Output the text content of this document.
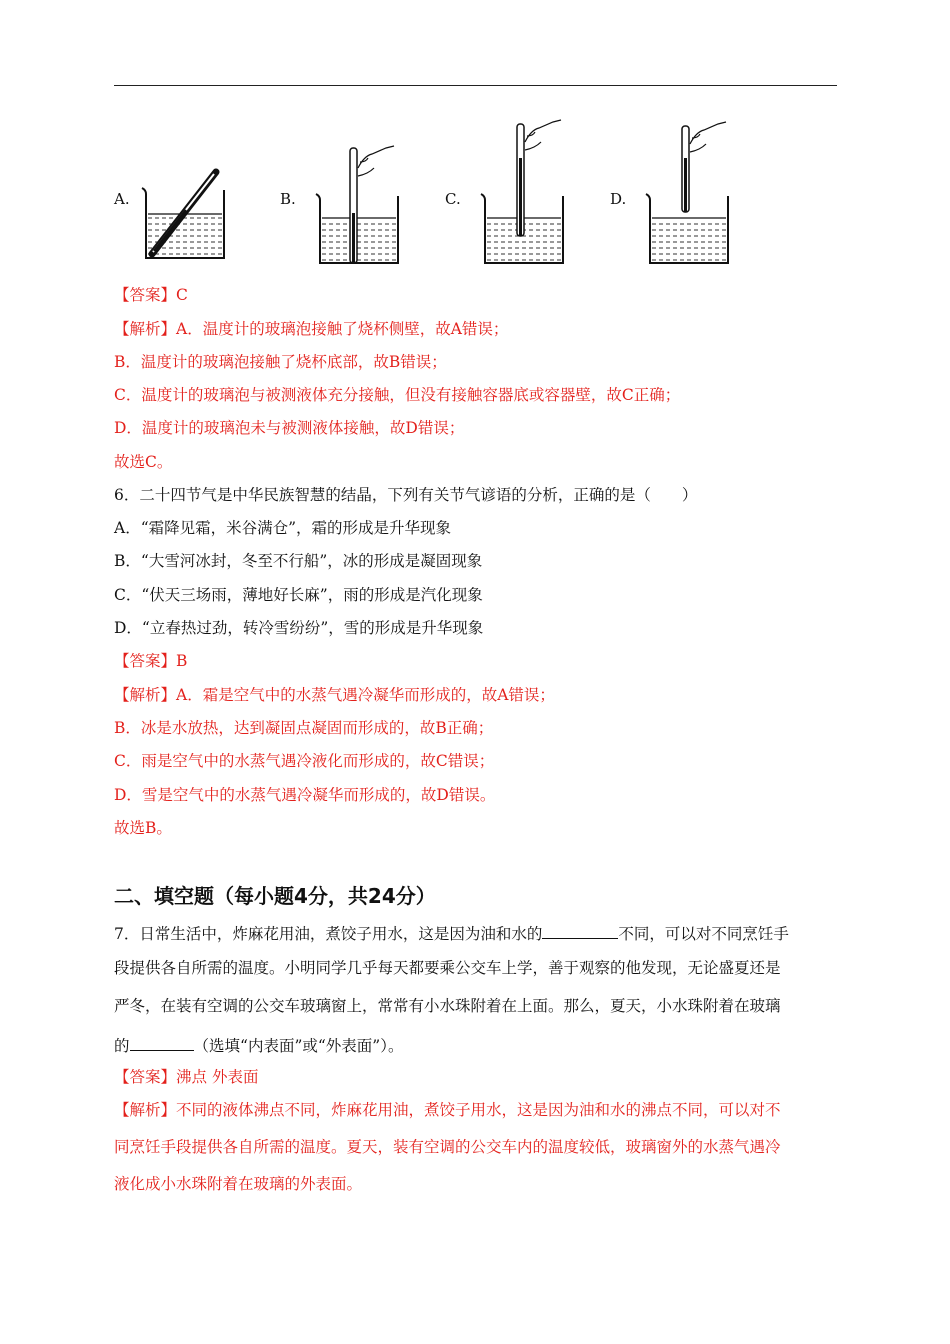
A.	B.	C.	D.
【答案】C
【解析】A．温度计的玻璃泡接触了烧杯侧壁，故A错误；
B．温度计的玻璃泡接触了烧杯底部，故B错误；
C．温度计的玻璃泡与被测液体充分接触，但没有接触容器底或容器壁，故C正确；
D．温度计的玻璃泡未与被测液体接触，故D错误；
故选C。
6．二十四节气是中华民族智慧的结晶，下列有关节气谚语的分析，正确的是（　　）
A．“霜降见霜，米谷满仓”，霜的形成是升华现象
B．“大雪河冰封，冬至不行船”，冰的形成是凝固现象
C．“伏天三场雨，薄地好长麻”，雨的形成是汽化现象
D．“立春热过劲，转冷雪纷纷”，雪的形成是升华现象
【答案】B
【解析】A．霜是空气中的水蒸气遇冷凝华而形成的，故A错误；
B．冰是水放热，达到凝固点凝固而形成的，故B正确；
C．雨是空气中的水蒸气遇冷液化而形成的，故C错误；
D．雪是空气中的水蒸气遇冷凝华而形成的，故D错误。
故选B。
二、填空题（每小题4分，共24分）
7．日常生活中，炸麻花用油，煮饺子用水，这是因为油和水的	不同，可以对不同烹饪手
段提供各自所需的温度。小明同学几乎每天都要乘公交车上学，善于观察的他发现，无论盛夏还是
严冬，在装有空调的公交车玻璃窗上，常常有小水珠附着在上面。那么，夏天，小水珠附着在玻璃
的	（选填“内表面”或“外表面”）。
【答案】沸点 外表面
【解析】不同的液体沸点不同，炸麻花用油，煮饺子用水，这是因为油和水的沸点不同，可以对不
同烹饪手段提供各自所需的温度。夏天，装有空调的公交车内的温度较低，玻璃窗外的水蒸气遇冷
液化成小水珠附着在玻璃的外表面。
